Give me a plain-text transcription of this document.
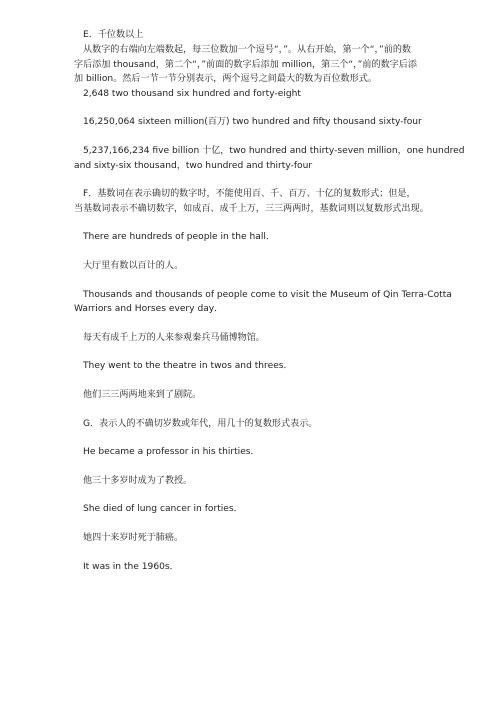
E．千位数以上

从数字的右端向左端数起，每三位数加一个逗号“，”。从右开始，第一个“，”前的数
字后添加 thousand，第二个“，”前面的数字后添加 million，第三个“，”前的数字后添
加 billion。然后一节一节分别表示，两个逗号之间最大的数为百位数形式。

2,648 two thousand six hundred and forty-eight

16,250,064 sixteen million(百万) two hundred and fifty thousand sixty-four

5,237,166,234 five billion 十亿，two hundred and thirty-seven million，one hundred
and sixty-six thousand，two hundred and thirty-four
F．基数词在表示确切的数字时，不能使用百、千、百万、十亿的复数形式；但是，
当基数词表示不确切数字，如成百、成千上万，三三两两时，基数词则以复数形式出现。

There are hundreds of people in the hall．

大厅里有数以百计的人。

Thousands and thousands of people come to visit the Museum of Qin Terra-Cotta
Warriors and Horses every day．

每天有成千上万的人来参观秦兵马俑博物馆。

They went to the theatre in twos and threes．

他们三三两两地来到了剧院。

G．表示人的不确切岁数或年代，用几十的复数形式表示。

He became a professor in his thirties．

他三十多岁时成为了教授。

She died of lung cancer in forties．

她四十来岁时死于肺癌。

It was in the 1960s．
